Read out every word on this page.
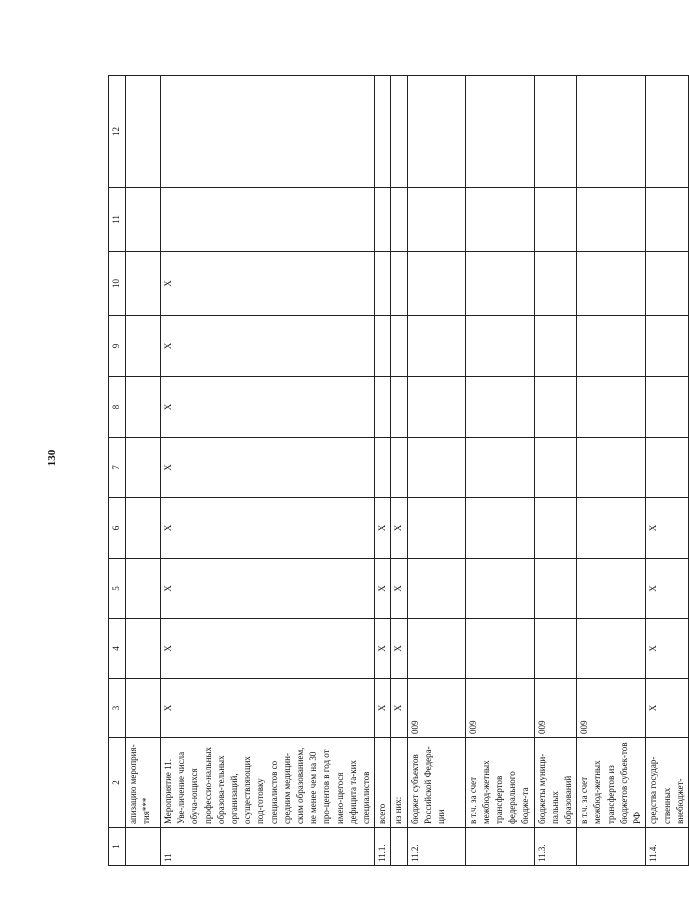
130
1	2	3	4	5	6	7	8	9	10	11	12
	апизацию мероприя-тия***										
11	Мероприятие 11. Уве-личение числа обуча-ющихся профессио-нальных образова-тельных организаций, осуществляющих под-готовку специалистов со средним медицин-ским образованием, не менее чем на 30 про-центов в год от имею-щегося дефицита та-ких специалистов	X	X	X	X	X	X	X	X		
11.1.	всего	X	X	X	X						
	из них:	X	X	X	X						
11.2.	бюджет субъектов Российской Федера-ции	009									
	в т.ч. за счет межбюд-жетных трансфертов федерального бюдже-та	009									
11.3.	бюджеты муници-пальных образований	009									
	в т.ч. за счет межбюд-жетных трансфертов из бюджетов субъек-тов РФ	009									
11.4.	средства государ-ственных внебюджет-	X	X	X	X						
